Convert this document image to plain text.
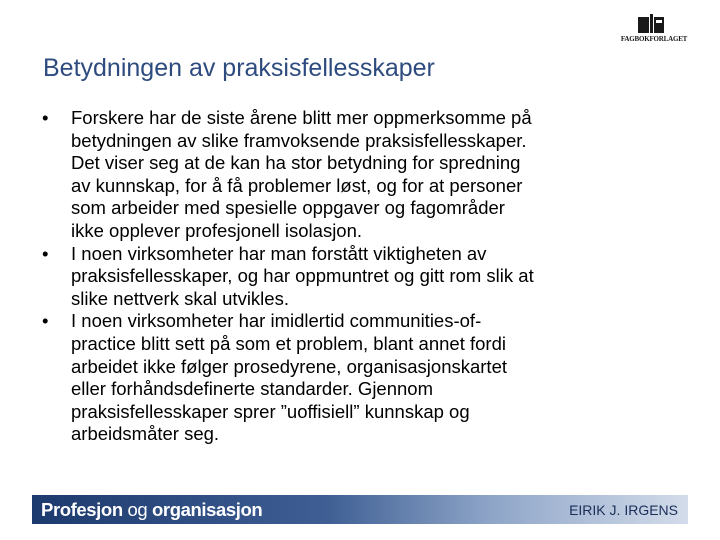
FAGBOKFORLAGET
Betydningen av praksisfellesskaper
• Forskere har de siste årene blitt mer oppmerksomme på
betydningen av slike framvoksende praksisfellesskaper.
Det viser seg at de kan ha stor betydning for spredning
av kunnskap, for å få problemer løst, og for at personer
som arbeider med spesielle oppgaver og fagområder
ikke opplever profesjonell isolasjon.
• I noen virksomheter har man forstått viktigheten av
praksisfellesskaper, og har oppmuntret og gitt rom slik at
slike nettverk skal utvikles.
• I noen virksomheter har imidlertid communities-of-
practice blitt sett på som et problem, blant annet fordi
arbeidet ikke følger prosedyrene, organisasjonskartet
eller forhåndsdefinerte standarder. Gjennom
praksisfellesskaper sprer ”uoffisiell” kunnskap og
arbeidsmåter seg.
Profesjon og organisasjon	EIRIK J. IRGENS
